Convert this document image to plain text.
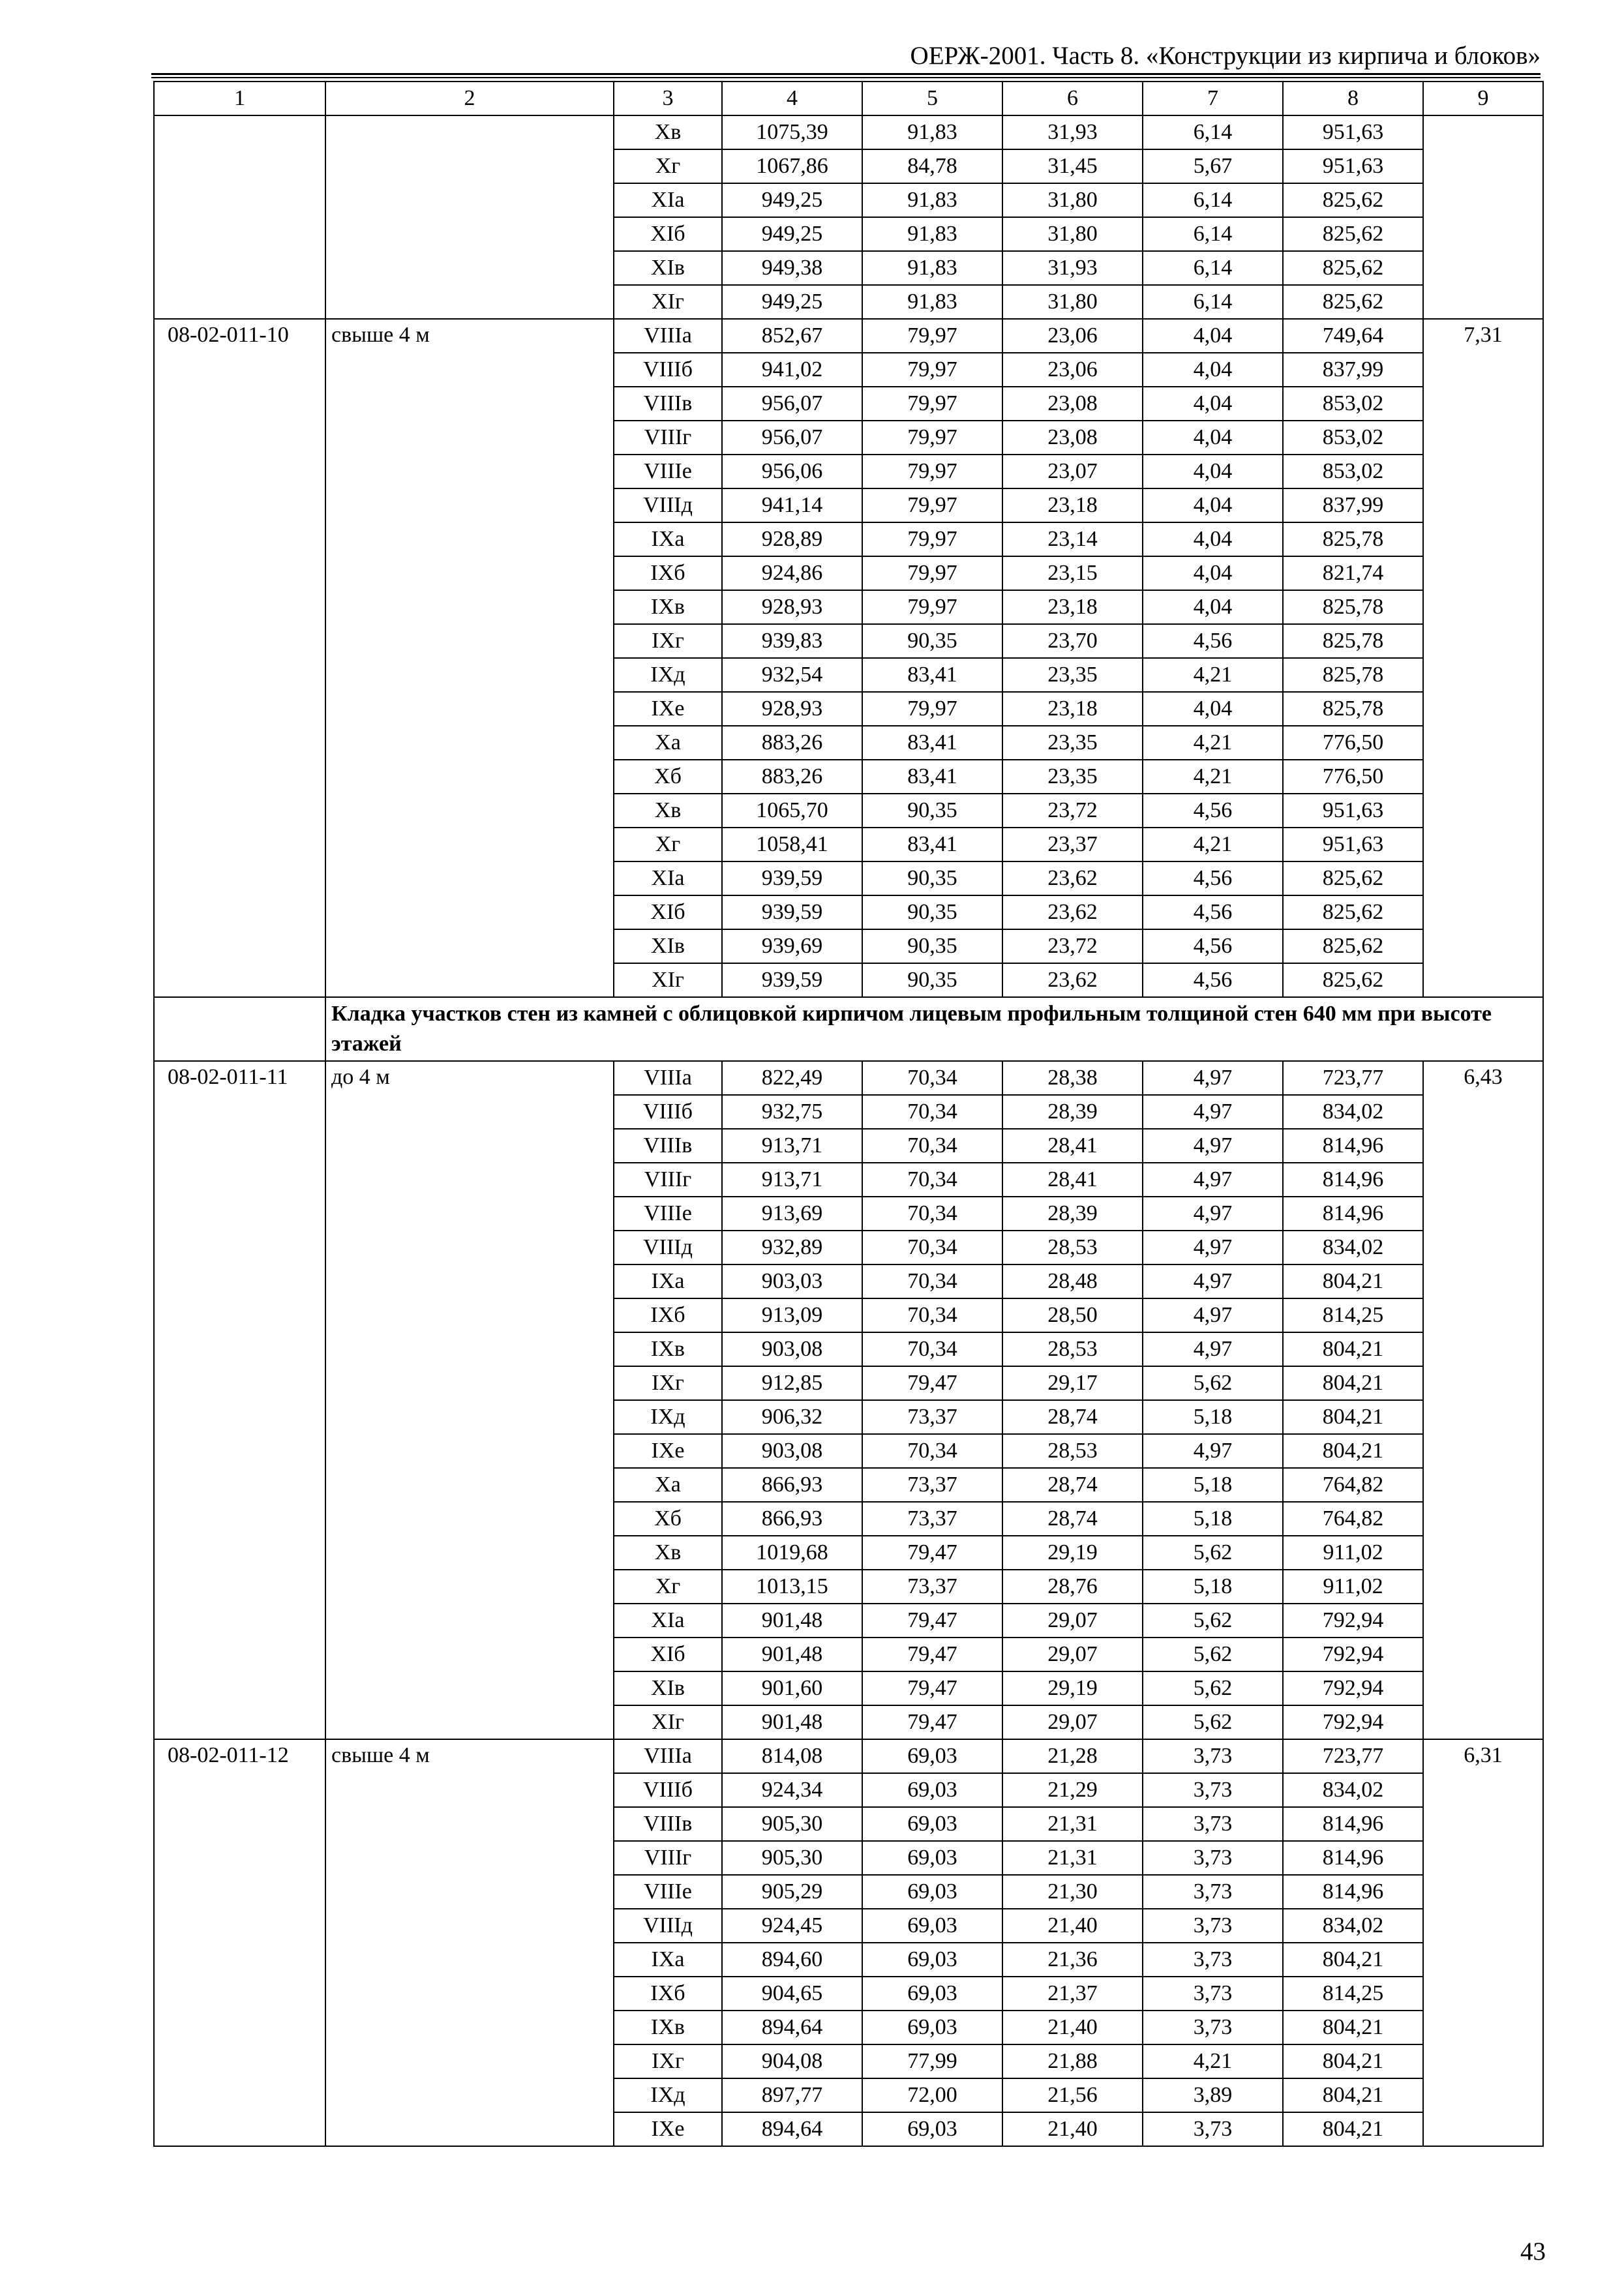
ОЕРЖ-2001. Часть 8. «Конструкции из кирпича и блоков»
1	2	3	4	5	6	7	8	9
		Хв	1075,39	91,83	31,93	6,14	951,63	
		Хг	1067,86	84,78	31,45	5,67	951,63	
		ХIа	949,25	91,83	31,80	6,14	825,62	
		ХIб	949,25	91,83	31,80	6,14	825,62	
		ХIв	949,38	91,83	31,93	6,14	825,62	
		ХIг	949,25	91,83	31,80	6,14	825,62	
08-02-011-10	свыше 4 м	VIIIа	852,67	79,97	23,06	4,04	749,64	7,31
		VIIIб	941,02	79,97	23,06	4,04	837,99	
		VIIIв	956,07	79,97	23,08	4,04	853,02	
		VIIIг	956,07	79,97	23,08	4,04	853,02	
		VIIIе	956,06	79,97	23,07	4,04	853,02	
		VIIIд	941,14	79,97	23,18	4,04	837,99	
		IХа	928,89	79,97	23,14	4,04	825,78	
		IХб	924,86	79,97	23,15	4,04	821,74	
		IХв	928,93	79,97	23,18	4,04	825,78	
		IХг	939,83	90,35	23,70	4,56	825,78	
		IХд	932,54	83,41	23,35	4,21	825,78	
		IХе	928,93	79,97	23,18	4,04	825,78	
		Ха	883,26	83,41	23,35	4,21	776,50	
		Хб	883,26	83,41	23,35	4,21	776,50	
		Хв	1065,70	90,35	23,72	4,56	951,63	
		Хг	1058,41	83,41	23,37	4,21	951,63	
		ХIа	939,59	90,35	23,62	4,56	825,62	
		ХIб	939,59	90,35	23,62	4,56	825,62	
		ХIв	939,69	90,35	23,72	4,56	825,62	
		ХIг	939,59	90,35	23,62	4,56	825,62	
	Кладка участков стен из камней с облицовкой кирпичом лицевым профильным толщиной стен 640 мм при высоте этажей							
08-02-011-11	до 4 м	VIIIа	822,49	70,34	28,38	4,97	723,77	6,43
		VIIIб	932,75	70,34	28,39	4,97	834,02	
		VIIIв	913,71	70,34	28,41	4,97	814,96	
		VIIIг	913,71	70,34	28,41	4,97	814,96	
		VIIIе	913,69	70,34	28,39	4,97	814,96	
		VIIIд	932,89	70,34	28,53	4,97	834,02	
		IХа	903,03	70,34	28,48	4,97	804,21	
		IХб	913,09	70,34	28,50	4,97	814,25	
		IХв	903,08	70,34	28,53	4,97	804,21	
		IХг	912,85	79,47	29,17	5,62	804,21	
		IХд	906,32	73,37	28,74	5,18	804,21	
		IХе	903,08	70,34	28,53	4,97	804,21	
		Ха	866,93	73,37	28,74	5,18	764,82	
		Хб	866,93	73,37	28,74	5,18	764,82	
		Хв	1019,68	79,47	29,19	5,62	911,02	
		Хг	1013,15	73,37	28,76	5,18	911,02	
		ХIа	901,48	79,47	29,07	5,62	792,94	
		ХIб	901,48	79,47	29,07	5,62	792,94	
		ХIв	901,60	79,47	29,19	5,62	792,94	
		ХIг	901,48	79,47	29,07	5,62	792,94	
08-02-011-12	свыше 4 м	VIIIа	814,08	69,03	21,28	3,73	723,77	6,31
		VIIIб	924,34	69,03	21,29	3,73	834,02	
		VIIIв	905,30	69,03	21,31	3,73	814,96	
		VIIIг	905,30	69,03	21,31	3,73	814,96	
		VIIIе	905,29	69,03	21,30	3,73	814,96	
		VIIIд	924,45	69,03	21,40	3,73	834,02	
		IХа	894,60	69,03	21,36	3,73	804,21	
		IХб	904,65	69,03	21,37	3,73	814,25	
		IХв	894,64	69,03	21,40	3,73	804,21	
		IХг	904,08	77,99	21,88	4,21	804,21	
		IХд	897,77	72,00	21,56	3,89	804,21	
		IХе	894,64	69,03	21,40	3,73	804,21	
43
